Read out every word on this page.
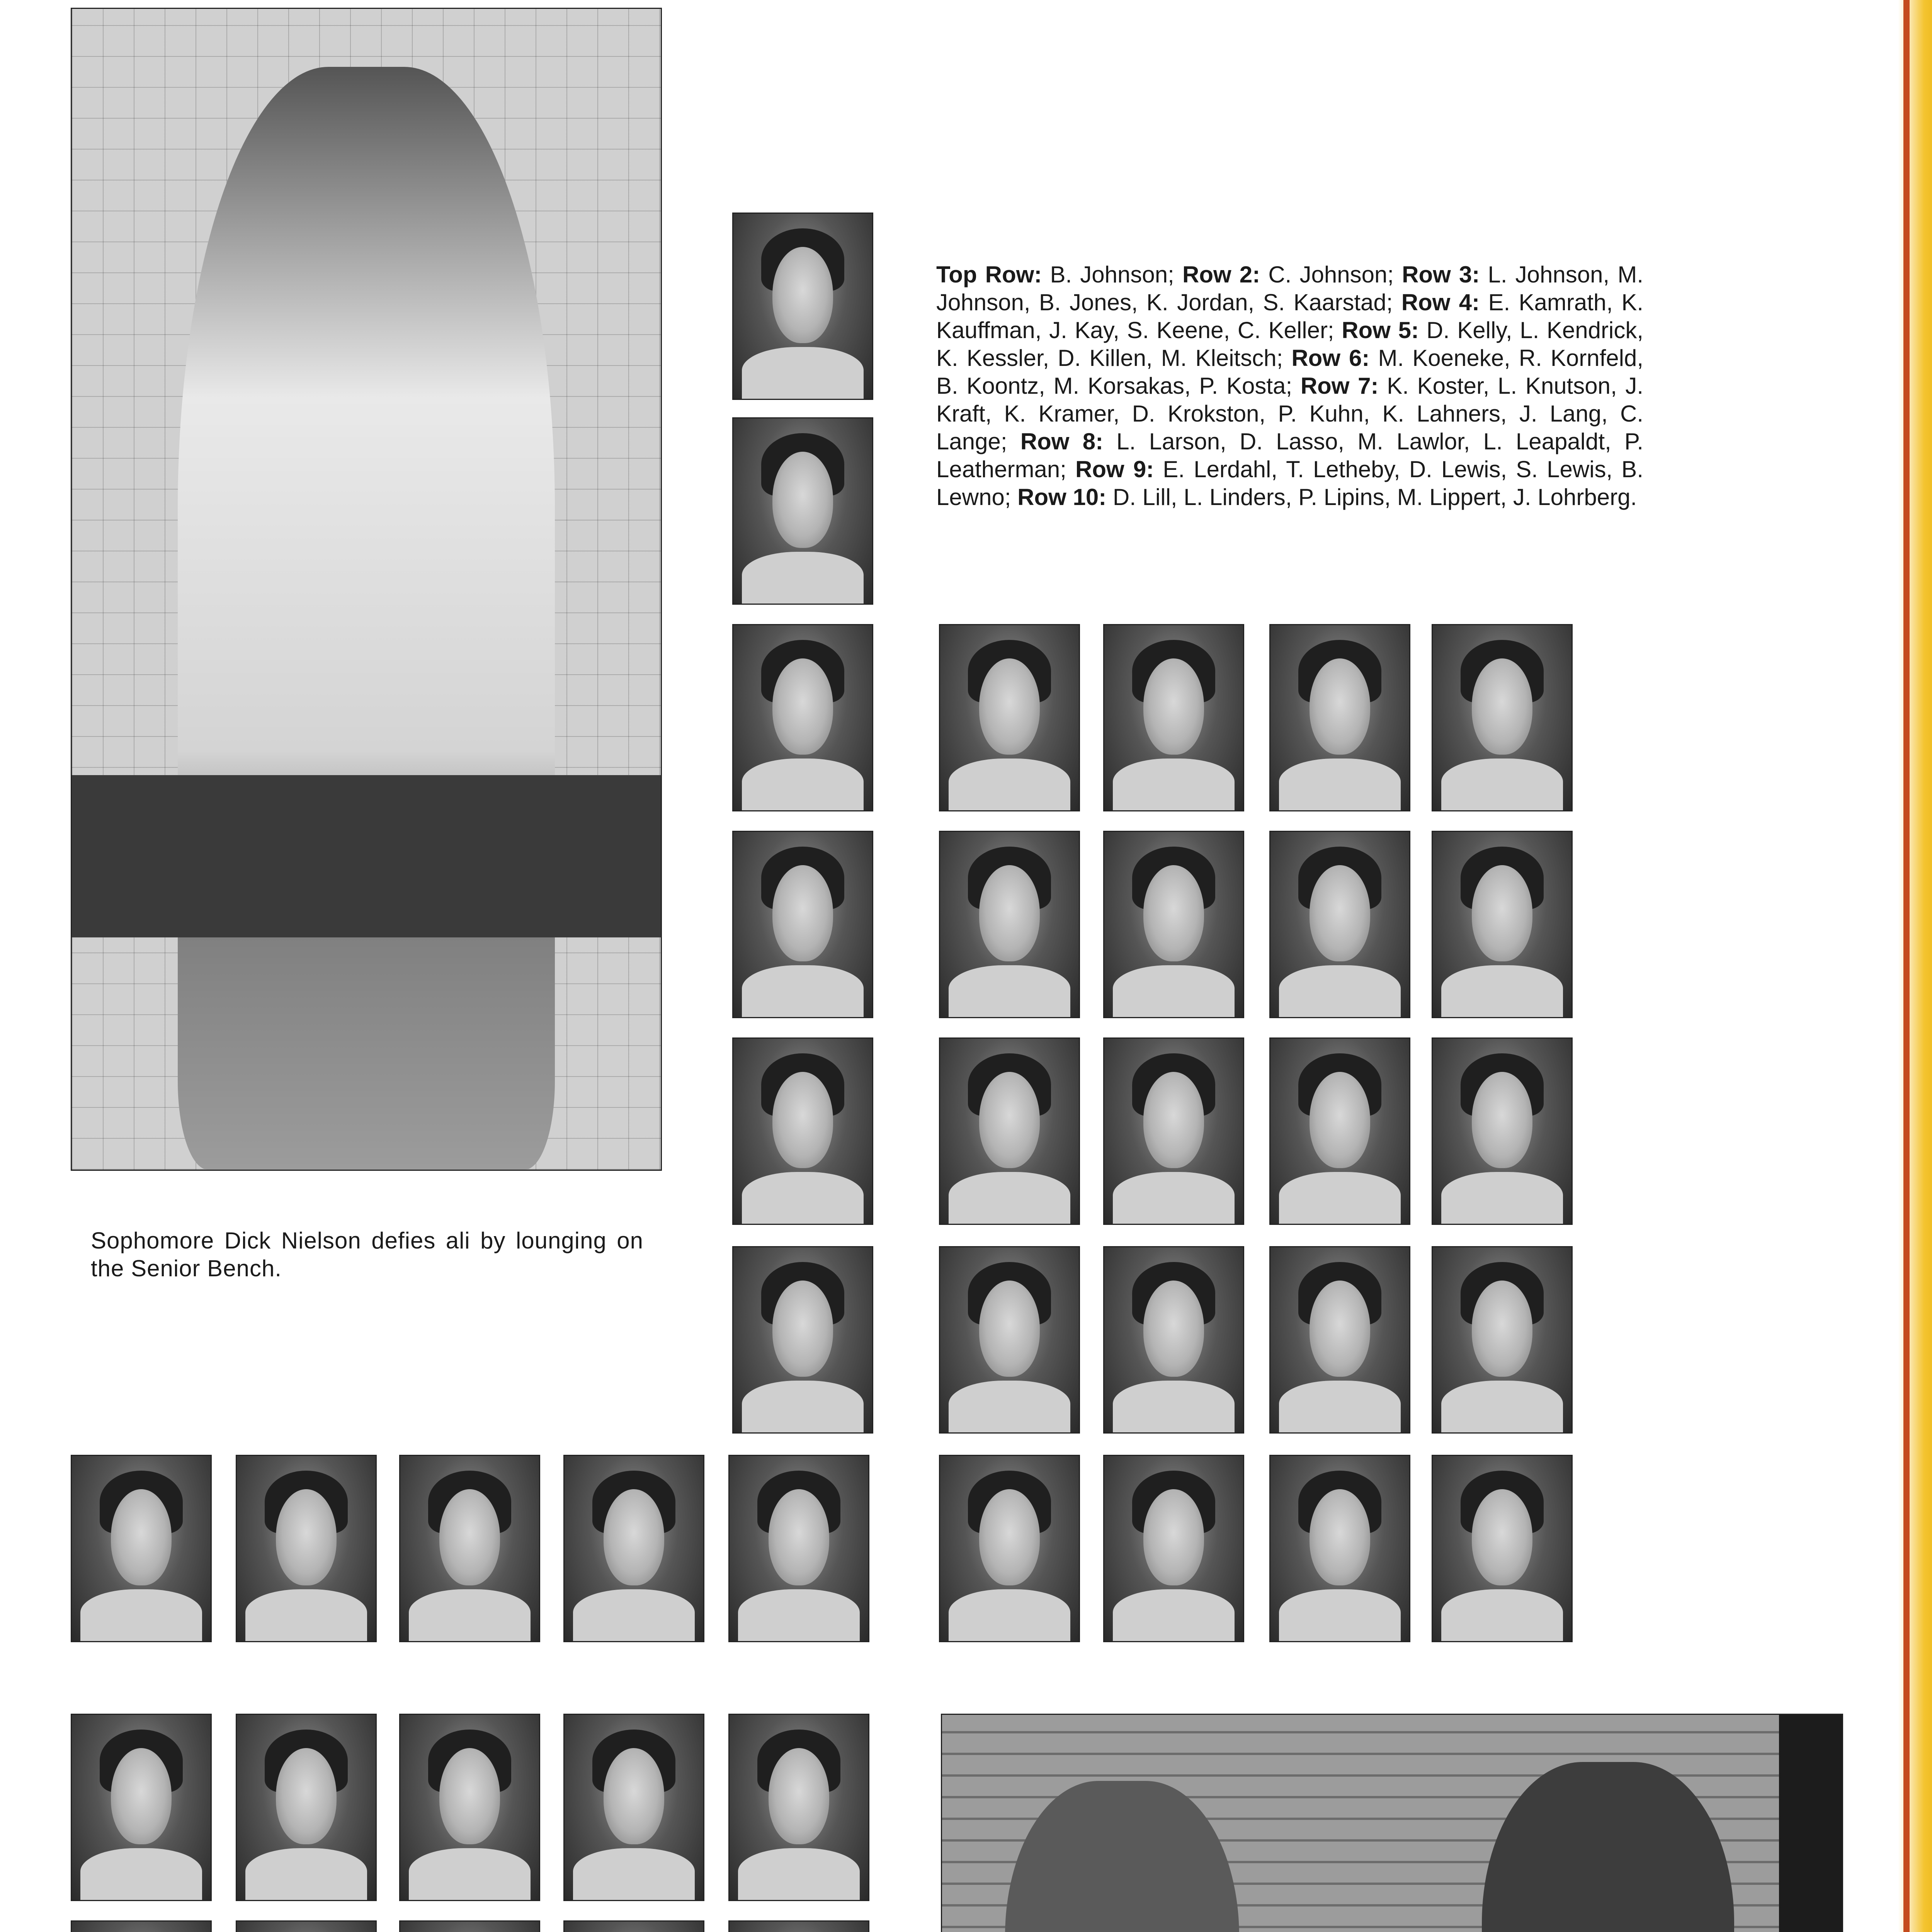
Sophomore Dick Nielson defies ali by lounging on the Senior Bench.
Top Row: B. Johnson; Row 2: C. Johnson; Row 3: L. Johnson, M. Johnson, B. Jones, K. Jordan, S. Kaarstad; Row 4: E. Kamrath, K. Kauffman, J. Kay, S. Keene, C. Keller; Row 5: D. Kelly, L. Kendrick, K. Kessler, D. Killen, M. Kleitsch; Row 6: M. Koeneke, R. Kornfeld, B. Koontz, M. Korsakas, P. Kosta; Row 7: K. Koster, L. Knutson, J. Kraft, K. Kramer, D. Krokston, P. Kuhn, K. Lahners, J. Lang, C. Lange; Row 8: L. Larson, D. Lasso, M. Lawlor, L. Leapaldt, P. Leatherman; Row 9: E. Lerdahl, T. Letheby, D. Lewis, S. Lewis, B. Lewno; Row 10: D. Lill, L. Linders, P. Lipins, M. Lippert, J. Lohrberg.
